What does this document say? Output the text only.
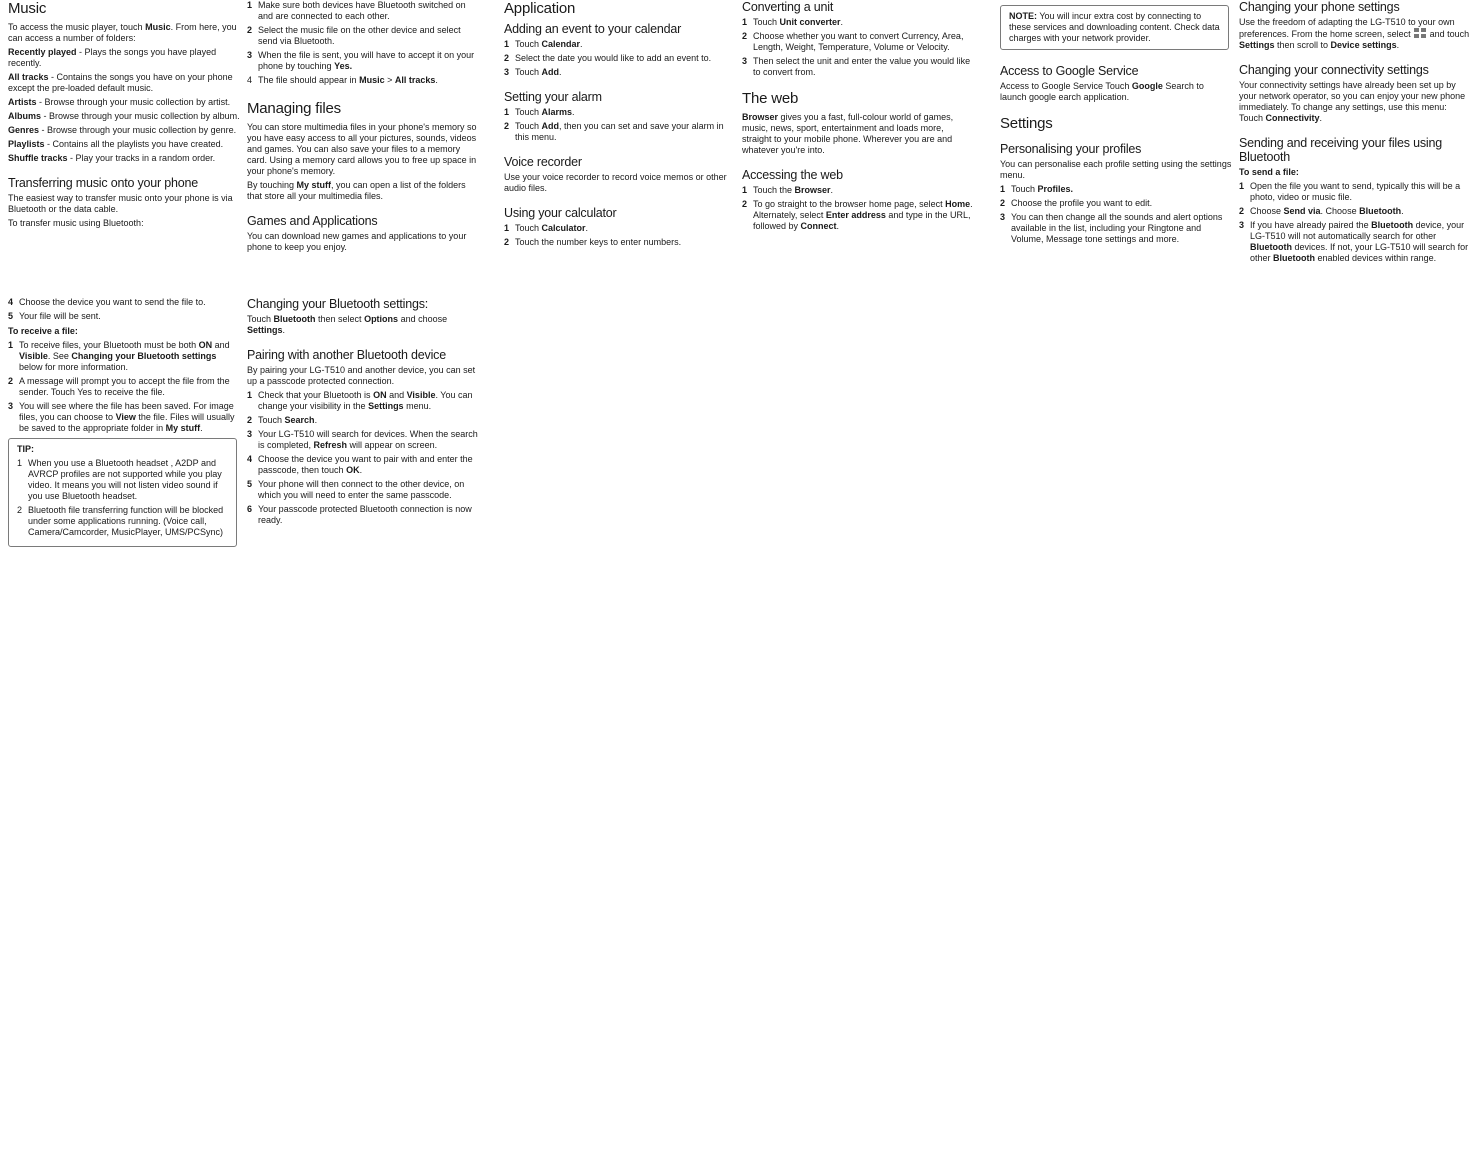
Music

To access the music player, touch Music. From here, you can access a number of folders:

Recently played - Plays the songs you have played recently.

All tracks - Contains the songs you have on your phone except the pre-loaded default music.

Artists - Browse through your music collection by artist.

Albums - Browse through your music collection by album.

Genres - Browse through your music collection by genre.

Playlists - Contains all the playlists you have created.

Shuffle tracks - Play your tracks in a random order.

Transferring music onto your phone

The easiest way to transfer music onto your phone is via Bluetooth or the data cable.

To transfer music using Bluetooth:

4 Choose the device you want to send the file to.
5 Your file will be sent.

To receive a file:

1 To receive files, your Bluetooth must be both ON and Visible. See Changing your Bluetooth settings below for more information.
2 A message will prompt you to accept the file from the sender. Touch Yes to receive the file.
3 You will see where the file has been saved. For image files, you can choose to View the file. Files will usually be saved to the appropriate folder in My stuff.

TIP:

1 When you use a Bluetooth headset , A2DP and AVRCP profiles are not supported while you play video. It means you will not listen video sound if you use Bluetooth headset.
2 Bluetooth file transferring function will be blocked under some applications running. (Voice call, Camera/Camcorder, MusicPlayer, UMS/PCSync)
1 Make sure both devices have Bluetooth switched on and are connected to each other.
2 Select the music file on the other device and select send via Bluetooth.
3 When the file is sent, you will have to accept it on your phone by touching Yes.
4 The file should appear in Music > All tracks.
Managing files

You can store multimedia files in your phone's memory so you have easy access to all your pictures, sounds, videos and games. You can also save your files to a memory card. Using a memory card allows you to free up space in your phone's memory.

By touching My stuff, you can open a list of the folders that store all your multimedia files.

Games and Applications

You can download new games and applications to your phone to keep you enjoy.

Changing your Bluetooth settings:

Touch Bluetooth then select Options and choose Settings.

Pairing with another Bluetooth device

By pairing your LG-T510 and another device, you can set up a passcode protected connection.

1 Check that your Bluetooth is ON and Visible. You can change your visibility in the Settings menu.
2 Touch Search.
3 Your LG-T510 will search for devices. When the search is completed, Refresh will appear on screen.
4 Choose the device you want to pair with and enter the passcode, then touch OK.
5 Your phone will then connect to the other device, on which you will need to enter the same passcode.
6 Your passcode protected Bluetooth connection is now ready.
Application
Adding an event to your calendar
1 Touch Calendar.
2 Select the date you would like to add an event to.
3 Touch Add.
Setting your alarm
1 Touch Alarms.
2 Touch Add, then you can set and save your alarm in this menu.
Voice recorder

Use your voice recorder to record voice memos or other audio files.

Using your calculator
1 Touch Calculator.
2 Touch the number keys to enter numbers.
Converting a unit
1 Touch Unit converter.
2 Choose whether you want to convert Currency, Area, Length, Weight, Temperature, Volume or Velocity.
3 Then select the unit and enter the value you would like to convert from.
The web

Browser gives you a fast, full-colour world of games, music, news, sport, entertainment and loads more, straight to your mobile phone. Wherever you are and whatever you're into.

Accessing the web
1 Touch the Browser.
2 To go straight to the browser home page, select Home. Alternately, select Enter address and type in the URL, followed by Connect.

NOTE: You will incur extra cost by connecting to these services and downloading content. Check data charges with your network provider.

Access to Google Service

Access to Google Service Touch Google Search to launch google earch application.

Settings
Personalising your profiles

You can personalise each profile setting using the settings menu.

1 Touch Profiles.
2 Choose the profile you want to edit.
3 You can then change all the sounds and alert options available in the list, including your Ringtone and Volume, Message tone settings and more.
Changing your phone settings

Use the freedom of adapting the LG-T510 to your own preferences. From the home screen, select  and touch Settings then scroll to Device settings.

Changing your connectivity settings

Your connectivity settings have already been set up by your network operator, so you can enjoy your new phone immediately. To change any settings, use this menu: Touch Connectivity.

Sending and receiving your files using Bluetooth

To send a file:

1 Open the file you want to send, typically this will be a photo, video or music file.
2 Choose Send via. Choose Bluetooth.
3 If you have already paired the Bluetooth device, your LG-T510 will not automatically search for other Bluetooth devices. If not, your LG-T510 will search for other Bluetooth enabled devices within range.
